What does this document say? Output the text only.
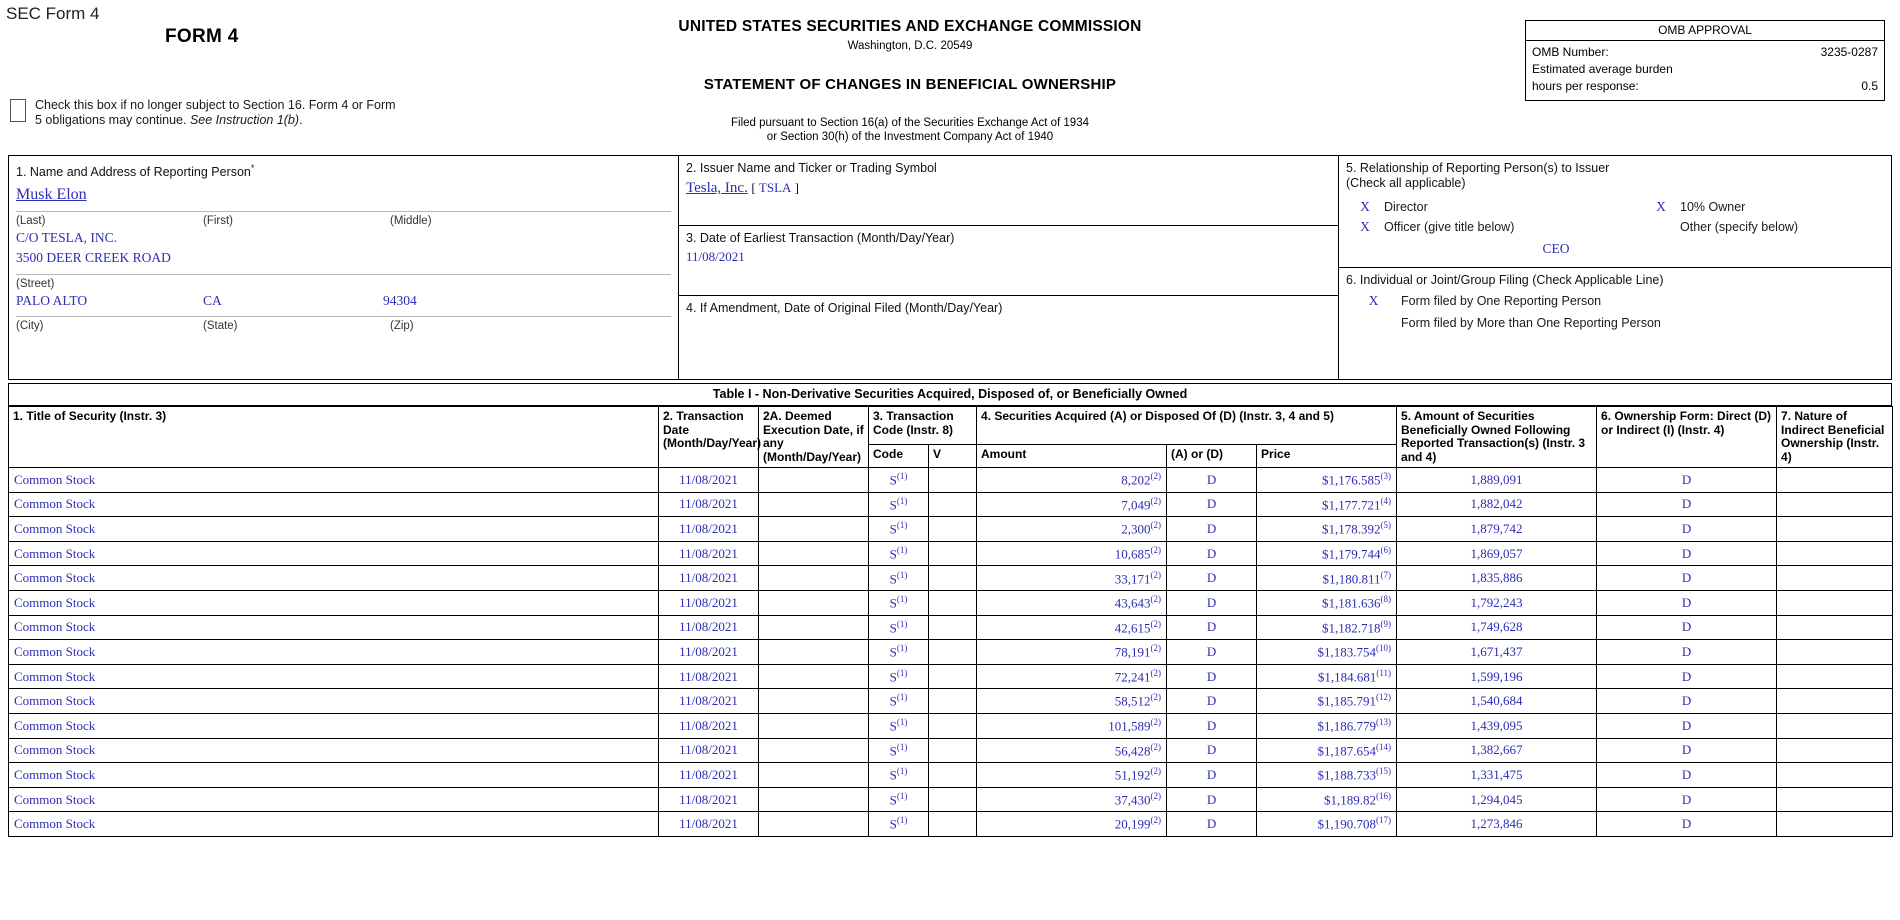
SEC Form 4
FORM 4
Check this box if no longer subject to Section 16. Form 4 or Form
5 obligations may continue. See Instruction 1(b).
UNITED STATES SECURITIES AND EXCHANGE COMMISSION
Washington, D.C. 20549
STATEMENT OF CHANGES IN BENEFICIAL OWNERSHIP
Filed pursuant to Section 16(a) of the Securities Exchange Act of 1934
or Section 30(h) of the Investment Company Act of 1940
OMB APPROVAL
OMB Number:	3235-0287
Estimated average burden
hours per response:	0.5
1. Name and Address of Reporting Person*
Musk Elon
(Last)	(First)	(Middle)
C/O TESLA, INC.
3500 DEER CREEK ROAD
(Street)
PALO ALTO	CA	94304
(City)	(State)	(Zip)
2. Issuer Name and Ticker or Trading Symbol
Tesla, Inc. [ TSLA ]
3. Date of Earliest Transaction (Month/Day/Year)
11/08/2021
4. If Amendment, Date of Original Filed (Month/Day/Year)
5. Relationship of Reporting Person(s) to Issuer
(Check all applicable)
X	Director	X	10% Owner
X	Officer (give title below)	Other (specify below)
CEO
6. Individual or Joint/Group Filing (Check Applicable Line)
X	Form filed by One Reporting Person
Form filed by More than One Reporting Person
Table I - Non-Derivative Securities Acquired, Disposed of, or Beneficially Owned
1. Title of Security (Instr. 3)	2. Transaction Date (Month/Day/Year)	2A. Deemed Execution Date, if any (Month/Day/Year)	3. Transaction Code (Instr. 8)		4. Securities Acquired (A) or Disposed Of (D) (Instr. 3, 4 and 5)			5. Amount of Securities Beneficially Owned Following Reported Transaction(s) (Instr. 3 and 4)	6. Ownership Form: Direct (D) or Indirect (I) (Instr. 4)	7. Nature of Indirect Beneficial Ownership (Instr. 4)
			Code	V	Amount	(A) or (D)	Price			
Common Stock	11/08/2021		$S^{(1)}$		8,202$^{(2)}$	D	$1,176.585$^{(3)}$	1,889,091	D	
Common Stock	11/08/2021		$S^{(1)}$		7,049$^{(2)}$	D	$1,177.721$^{(4)}$	1,882,042	D	
Common Stock	11/08/2021		$S^{(1)}$		2,300$^{(2)}$	D	$1,178.392$^{(5)}$	1,879,742	D	
Common Stock	11/08/2021		$S^{(1)}$		10,685$^{(2)}$	D	$1,179.744$^{(6)}$	1,869,057	D	
Common Stock	11/08/2021		$S^{(1)}$		33,171$^{(2)}$	D	$1,180.811$^{(7)}$	1,835,886	D	
Common Stock	11/08/2021		$S^{(1)}$		43,643$^{(2)}$	D	$1,181.636$^{(8)}$	1,792,243	D	
Common Stock	11/08/2021		$S^{(1)}$		42,615$^{(2)}$	D	$1,182.718$^{(9)}$	1,749,628	D	
Common Stock	11/08/2021		$S^{(1)}$		78,191$^{(2)}$	D	$1,183.754$^{(10)}$	1,671,437	D	
Common Stock	11/08/2021		$S^{(1)}$		72,241$^{(2)}$	D	$1,184.681$^{(11)}$	1,599,196	D	
Common Stock	11/08/2021		$S^{(1)}$		58,512$^{(2)}$	D	$1,185.791$^{(12)}$	1,540,684	D	
Common Stock	11/08/2021		$S^{(1)}$		101,589$^{(2)}$	D	$1,186.779$^{(13)}$	1,439,095	D	
Common Stock	11/08/2021		$S^{(1)}$		56,428$^{(2)}$	D	$1,187.654$^{(14)}$	1,382,667	D	
Common Stock	11/08/2021		$S^{(1)}$		51,192$^{(2)}$	D	$1,188.733$^{(15)}$	1,331,475	D	
Common Stock	11/08/2021		$S^{(1)}$		37,430$^{(2)}$	D	$1,189.82$^{(16)}$	1,294,045	D	
Common Stock	11/08/2021		$S^{(1)}$		20,199$^{(2)}$	D	$1,190.708$^{(17)}$	1,273,846	D	
